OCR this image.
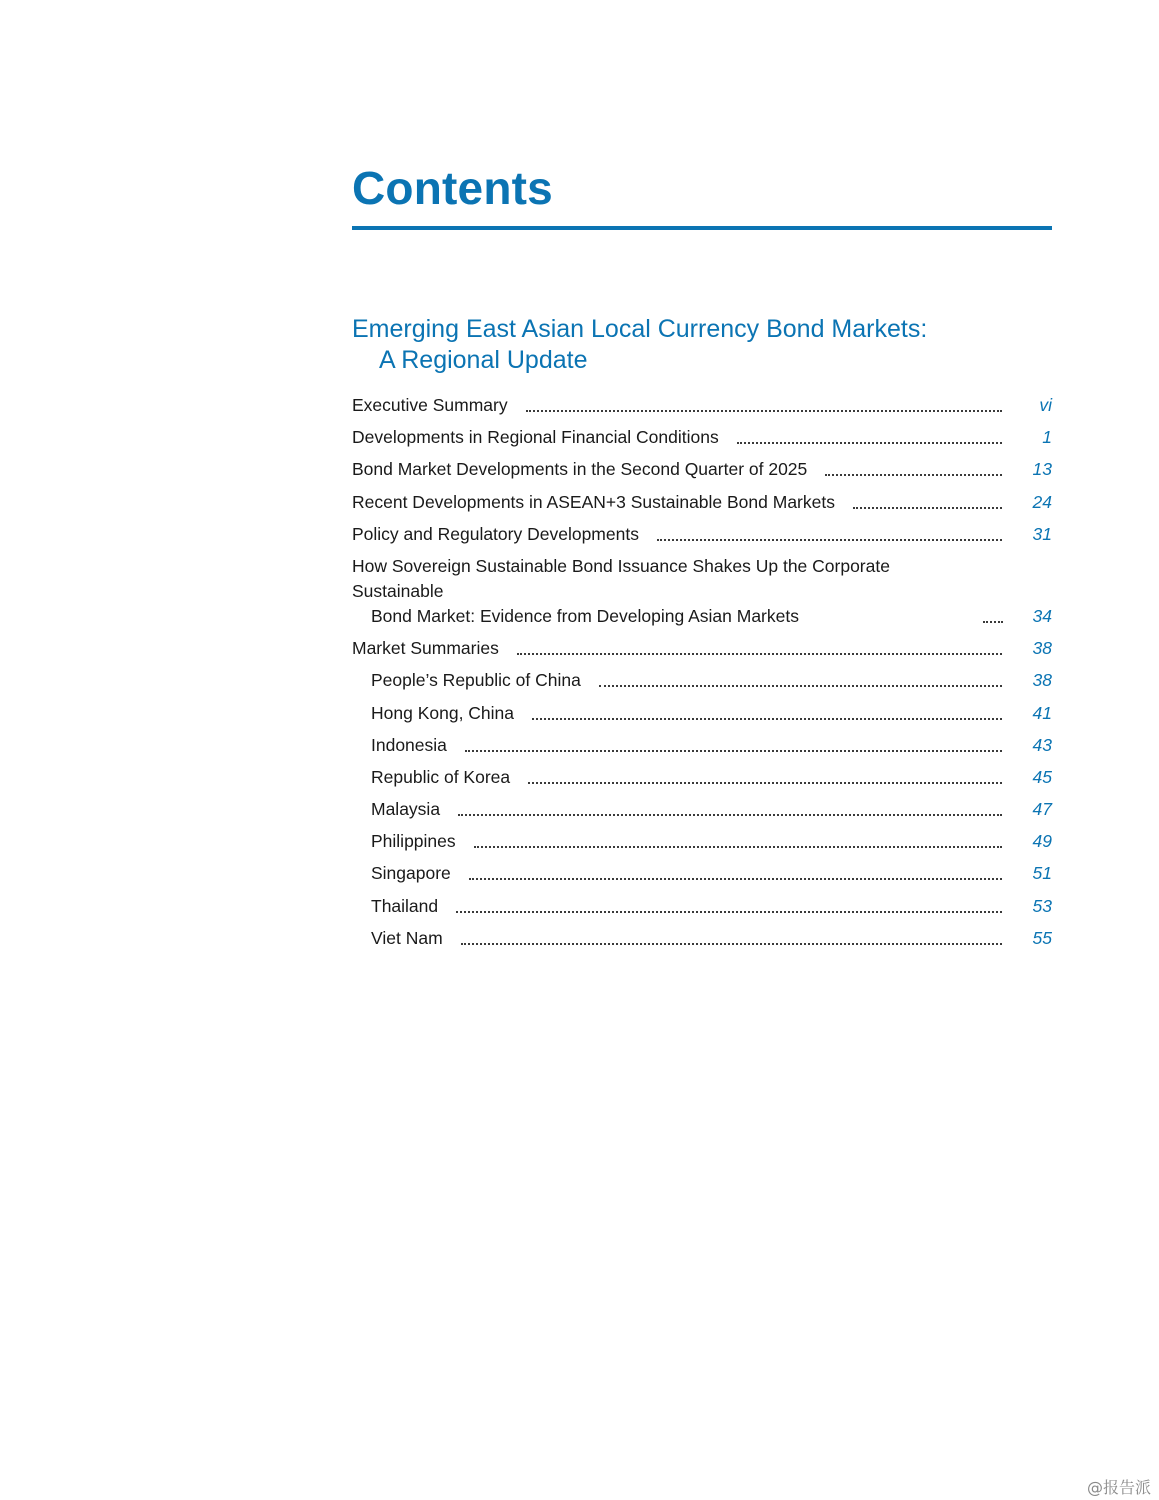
Contents
Emerging East Asian Local Currency Bond Markets:
A Regional Update
Executive Summary	vi
Developments in Regional Financial Conditions	1
Bond Market Developments in the Second Quarter of 2025	13
Recent Developments in ASEAN+3 Sustainable Bond Markets	24
Policy and Regulatory Developments	31
How Sovereign Sustainable Bond Issuance Shakes Up the Corporate Sustainable
Bond Market: Evidence from Developing Asian Markets	34
Market Summaries	38
People’s Republic of China	38
Hong Kong, China	41
Indonesia	43
Republic of Korea	45
Malaysia	47
Philippines	49
Singapore	51
Thailand	53
Viet Nam	55
@报告派
